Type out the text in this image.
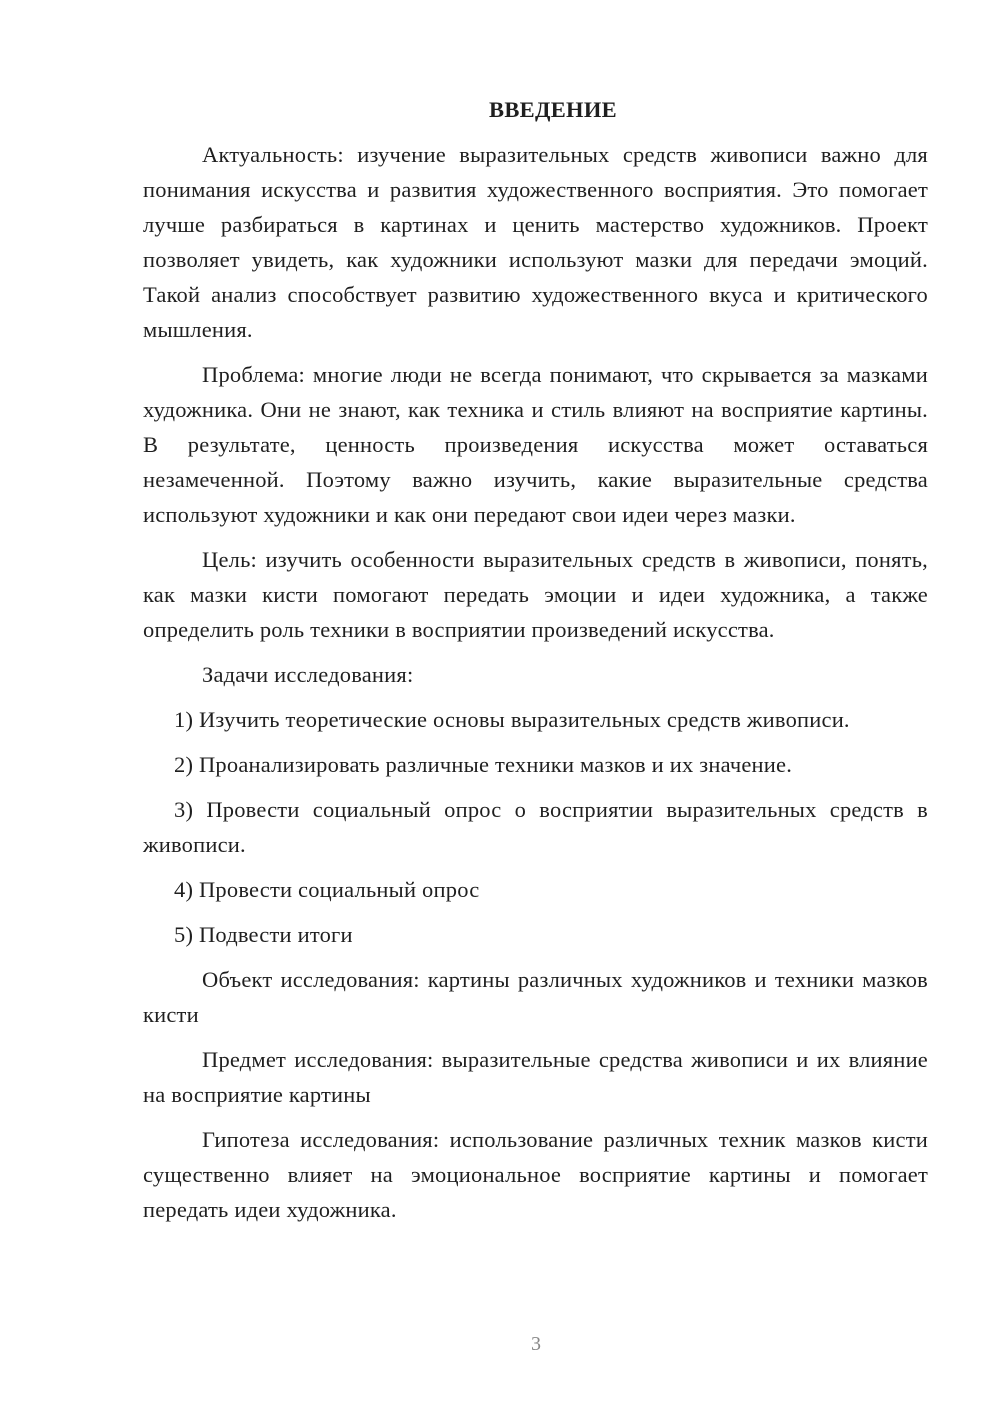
ВВЕДЕНИЕ

Актуальность: изучение выразительных средств живописи важно для понимания искусства и развития художественного восприятия. Это помогает лучше разбираться в картинах и ценить мастерство художников. Проект позволяет увидеть, как художники используют мазки для передачи эмоций. Такой анализ способствует развитию художественного вкуса и критического мышления.

Проблема: многие люди не всегда понимают, что скрывается за мазками художника. Они не знают, как техника и стиль влияют на восприятие картины. В результате, ценность произведения искусства может оставаться незамеченной. Поэтому важно изучить, какие выразительные средства используют художники и как они передают свои идеи через мазки.

Цель: изучить особенности выразительных средств в живописи, понять, как мазки кисти помогают передать эмоции и идеи художника, а также определить роль техники в восприятии произведений искусства.

Задачи исследования:

1) Изучить теоретические основы выразительных средств живописи.

2) Проанализировать различные техники мазков и их значение.

3) Провести социальный опрос о восприятии выразительных средств в живописи.

4) Провести социальный опрос

5) Подвести итоги

Объект исследования: картины различных художников и техники мазков кисти

Предмет исследования: выразительные средства живописи и их влияние на восприятие картины

Гипотеза исследования: использование различных техник мазков кисти существенно влияет на эмоциональное восприятие картины и помогает передать идеи художника.

3
